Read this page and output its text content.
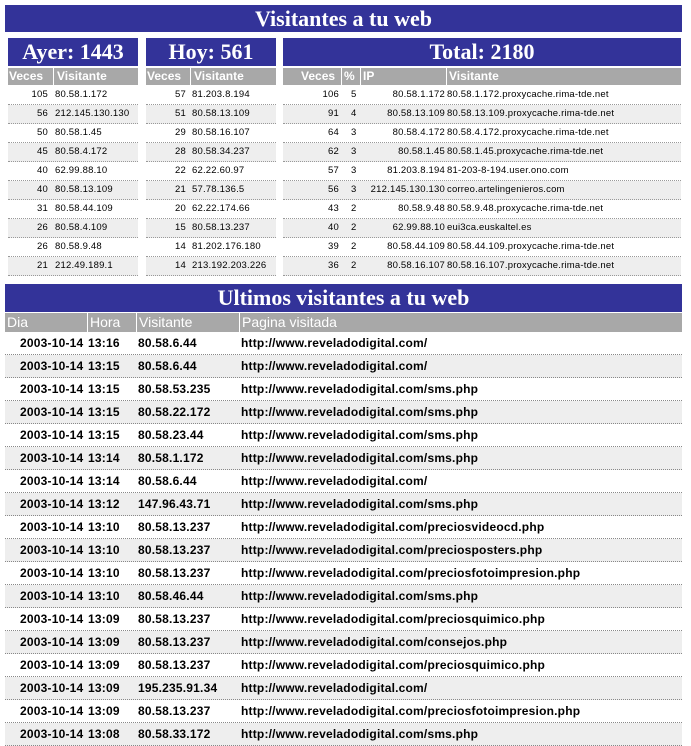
Visitantes a tu web
Ayer: 1443	Hoy: 561	Total: 2180
Veces	Visitante	Veces	Visitante	Veces % IP	Visitante
105 80.58.1.172
56 212.145.130.130
50 80.58.1.45
45 80.58.4.172
40 62.99.88.10
40 80.58.13.109
31 80.58.44.109
26 80.58.4.109
26 80.58.9.48
21 212.49.189.1
57 81.203.8.194
51 80.58.13.109
29 80.58.16.107
28 80.58.34.237
22 62.22.60.97
21 57.78.136.5
20 62.22.174.66
15 80.58.13.237
14 81.202.176.180
14 213.192.203.226
106 5	80.58.1.172 80.58.1.172.proxycache.rima-tde.net
91 4	80.58.13.109 80.58.13.109.proxycache.rima-tde.net
64 3	80.58.4.172 80.58.4.172.proxycache.rima-tde.net
62 3	80.58.1.45 80.58.1.45.proxycache.rima-tde.net
57 3	81.203.8.194 81-203-8-194.user.ono.com
56 3 212.145.130.130 correo.artelingenieros.com
43 2	80.58.9.48 80.58.9.48.proxycache.rima-tde.net
40 2	62.99.88.10 eui3ca.euskaltel.es
39 2	80.58.44.109 80.58.44.109.proxycache.rima-tde.net
36 2	80.58.16.107 80.58.16.107.proxycache.rima-tde.net
Ultimos visitantes a tu web
Dia	Hora	Visitante	Pagina visitada
2003-10-14 13:16 80.58.6.44	http://www.reveladodigital.com/
2003-10-14 13:15 80.58.6.44	http://www.reveladodigital.com/
2003-10-14 13:15 80.58.53.235	http://www.reveladodigital.com/sms.php
2003-10-14 13:15 80.58.22.172	http://www.reveladodigital.com/sms.php
2003-10-14 13:15 80.58.23.44	http://www.reveladodigital.com/sms.php
2003-10-14 13:14 80.58.1.172	http://www.reveladodigital.com/sms.php
2003-10-14 13:14 80.58.6.44	http://www.reveladodigital.com/
2003-10-14 13:12 147.96.43.71	http://www.reveladodigital.com/sms.php
2003-10-14 13:10 80.58.13.237	http://www.reveladodigital.com/preciosvideocd.php
2003-10-14 13:10 80.58.13.237	http://www.reveladodigital.com/preciosposters.php
2003-10-14 13:10 80.58.13.237	http://www.reveladodigital.com/preciosfotoimpresion.php
2003-10-14 13:10 80.58.46.44	http://www.reveladodigital.com/sms.php
2003-10-14 13:09 80.58.13.237	http://www.reveladodigital.com/preciosquimico.php
2003-10-14 13:09 80.58.13.237	http://www.reveladodigital.com/consejos.php
2003-10-14 13:09 80.58.13.237	http://www.reveladodigital.com/preciosquimico.php
2003-10-14 13:09 195.235.91.34 http://www.reveladodigital.com/
2003-10-14 13:09 80.58.13.237	http://www.reveladodigital.com/preciosfotoimpresion.php
2003-10-14 13:08 80.58.33.172	http://www.reveladodigital.com/sms.php
